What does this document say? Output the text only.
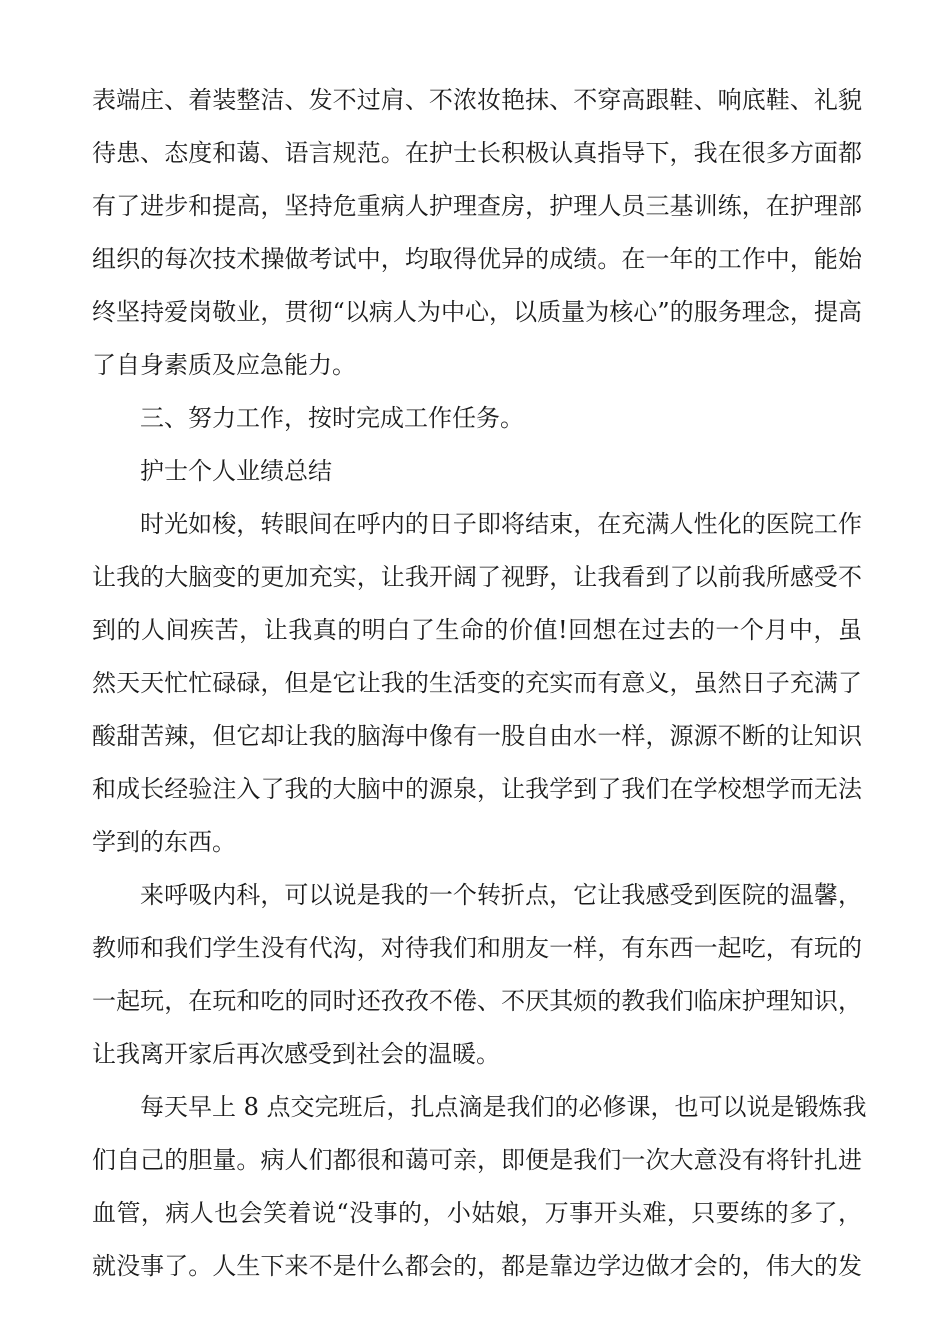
表端庄、着装整洁、发不过肩、不浓妆艳抹、不穿高跟鞋、响底鞋、礼貌
待患、态度和蔼、语言规范。在护士长积极认真指导下，我在很多方面都
有了进步和提高，坚持危重病人护理查房，护理人员三基训练，在护理部
组织的每次技术操做考试中，均取得优异的成绩。在一年的工作中，能始
终坚持爱岗敬业，贯彻“以病人为中心，以质量为核心”的服务理念，提高
了自身素质及应急能力。
三、努力工作，按时完成工作任务。
护士个人业绩总结
时光如梭，转眼间在呼内的日子即将结束，在充满人性化的医院工作
让我的大脑变的更加充实，让我开阔了视野，让我看到了以前我所感受不
到的人间疾苦，让我真的明白了生命的价值!回想在过去的一个月中，虽
然天天忙忙碌碌，但是它让我的生活变的充实而有意义，虽然日子充满了
酸甜苦辣，但它却让我的脑海中像有一股自由水一样，源源不断的让知识
和成长经验注入了我的大脑中的源泉，让我学到了我们在学校想学而无法
学到的东西。
来呼吸内科，可以说是我的一个转折点，它让我感受到医院的温馨，
教师和我们学生没有代沟，对待我们和朋友一样，有东西一起吃，有玩的
一起玩，在玩和吃的同时还孜孜不倦、不厌其烦的教我们临床护理知识，
让我离开家后再次感受到社会的温暖。
每天早上 8 点交完班后，扎点滴是我们的必修课，也可以说是锻炼我
们自己的胆量。病人们都很和蔼可亲，即便是我们一次大意没有将针扎进
血管，病人也会笑着说“没事的，小姑娘，万事开头难，只要练的多了，
就没事了。人生下来不是什么都会的，都是靠边学边做才会的，伟大的发
